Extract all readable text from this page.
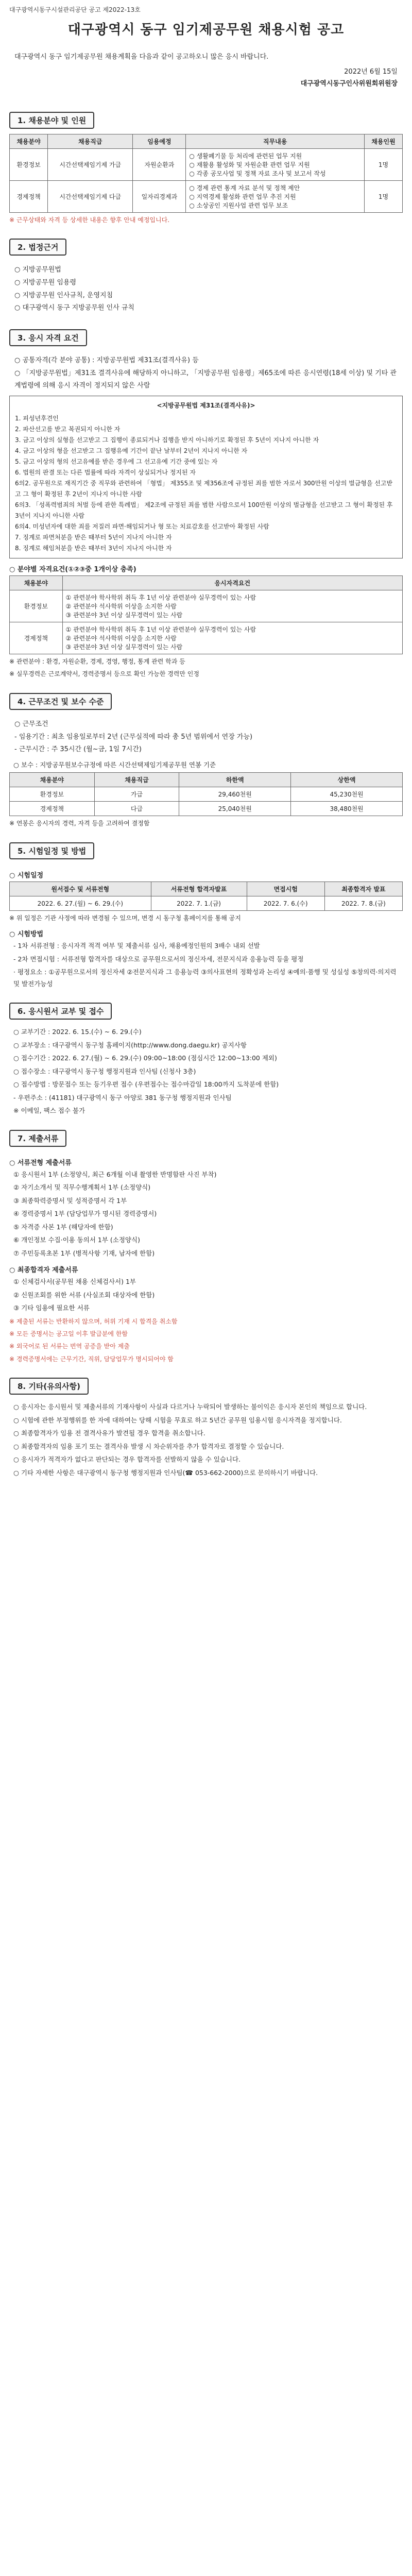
대구광역시동구시설관리공단 공고 제2022-13호
대구광역시 동구 임기제공무원 채용시험 공고
대구광역시 동구 임기제공무원 채용계획을 다음과 같이 공고하오니 많은 응시 바랍니다.
2022년 6월 15일
대구광역시동구인사위원회위원장
1. 채용분야 및 인원
채용분야	채용직급	임용예정	직무내용	채용인원
환경정보	시간선택제임기제 가급	자원순환과	○ 생활폐기물 등 처리에 관련된 업무 지원
○ 재활용 활성화 및 자원순환 관련 업무 지원
○ 각종 공모사업 및 정책 자료 조사 및 보고서 작성	1명
경제정책	시간선택제임기제 다급	일자리경제과	○ 경제 관련 통계 자료 분석 및 정책 제안
○ 지역경제 활성화 관련 업무 추진 지원
○ 소상공인 지원사업 관련 업무 보조	1명
※ 근무상태와 자격 등 상세한 내용은 향후 안내 예정입니다.
2. 법정근거
○ 지방공무원법
○ 지방공무원 임용령
○ 지방공무원 인사규칙, 운영지침
○ 대구광역시 동구 지방공무원 인사 규칙
3. 응시 자격 요건
○ 공통자격(각 분야 공통) : 지방공무원법 제31조(결격사유) 등
○ 「지방공무원법」제31조 결격사유에 해당하지 아니하고, 「지방공무원 임용령」제65조에 따른 응시연령(18세 이상) 및 기타 관계법령에 의해 응시 자격이 정지되지 않은 사람
<지방공무원법 제31조(결격사유)>
1. 피성년후견인
2. 파산선고를 받고 복권되지 아니한 자
3. 금고 이상의 실형을 선고받고 그 집행이 종료되거나 집행을 받지 아니하기로 확정된 후 5년이 지나지 아니한 자
4. 금고 이상의 형을 선고받고 그 집행유예 기간이 끝난 날부터 2년이 지나지 아니한 자
5. 금고 이상의 형의 선고유예를 받은 경우에 그 선고유예 기간 중에 있는 자
6. 법원의 판결 또는 다른 법률에 따라 자격이 상실되거나 정지된 자
6의2. 공무원으로 재직기간 중 직무와 관련하여 「형법」 제355조 및 제356조에 규정된 죄를 범한 자로서 300만원 이상의 벌금형을 선고받고 그 형이 확정된 후 2년이 지나지 아니한 사람
6의3. 「성폭력범죄의 처벌 등에 관한 특례법」 제2조에 규정된 죄를 범한 사람으로서 100만원 이상의 벌금형을 선고받고 그 형이 확정된 후 3년이 지나지 아니한 사람
6의4. 미성년자에 대한 죄를 저질러 파면·해임되거나 형 또는 치료감호를 선고받아 확정된 사람
7. 징계로 파면처분을 받은 때부터 5년이 지나지 아니한 자
8. 징계로 해임처분을 받은 때부터 3년이 지나지 아니한 자
○ 분야별 자격요건(①②③중 1개이상 충족)
채용분야	응시자격요건
환경정보	① 관련분야 학사학위 취득 후 1년 이상 관련분야 실무경력이 있는 사람
② 관련분야 석사학위 이상을 소지한 사람
③ 관련분야 3년 이상 실무경력이 있는 사람
경제정책	① 관련분야 학사학위 취득 후 1년 이상 관련분야 실무경력이 있는 사람
② 관련분야 석사학위 이상을 소지한 사람
③ 관련분야 3년 이상 실무경력이 있는 사람
※ 관련분야 : 환경, 자원순환, 경제, 경영, 행정, 통계 관련 학과 등
※ 실무경력은 근로계약서, 경력증명서 등으로 확인 가능한 경력만 인정
4. 근무조건 및 보수 수준
○ 근무조건
- 임용기간 : 최초 임용일로부터 2년 (근무실적에 따라 총 5년 범위에서 연장 가능)
- 근무시간 : 주 35시간 (월~금, 1일 7시간)
○ 보수 : 지방공무원보수규정에 따른 시간선택제임기제공무원 연봉 기준
채용분야	채용직급	하한액	상한액
환경정보	가급	29,460천원	45,230천원
경제정책	다급	25,040천원	38,480천원
※ 연봉은 응시자의 경력, 자격 등을 고려하여 결정함
5. 시험일정 및 방법
○ 시험일정
원서접수 및 서류전형	서류전형 합격자발표	면접시험	최종합격자 발표
2022. 6. 27.(월) ~ 6. 29.(수)	2022. 7. 1.(금)	2022. 7. 6.(수)	2022. 7. 8.(금)
※ 위 일정은 기관 사정에 따라 변경될 수 있으며, 변경 시 동구청 홈페이지를 통해 공지
○ 시험방법
- 1차 서류전형 : 응시자격 적격 여부 및 제출서류 심사, 채용예정인원의 3배수 내외 선발
- 2차 면접시험 : 서류전형 합격자를 대상으로 공무원으로서의 정신자세, 전문지식과 응용능력 등을 평정
· 평정요소 : ①공무원으로서의 정신자세 ②전문지식과 그 응용능력 ③의사표현의 정확성과 논리성 ④예의·품행 및 성실성 ⑤창의력·의지력 및 발전가능성
6. 응시원서 교부 및 접수
○ 교부기간 : 2022. 6. 15.(수) ~ 6. 29.(수)
○ 교부장소 : 대구광역시 동구청 홈페이지(http://www.dong.daegu.kr) 공지사항
○ 접수기간 : 2022. 6. 27.(월) ~ 6. 29.(수) 09:00~18:00 (점심시간 12:00~13:00 제외)
○ 접수장소 : 대구광역시 동구청 행정지원과 인사팀 (신청사 3층)
○ 접수방법 : 방문접수 또는 등기우편 접수 (우편접수는 접수마감일 18:00까지 도착분에 한함)
- 우편주소 : (41181) 대구광역시 동구 아양로 381 동구청 행정지원과 인사팀
※ 이메일, 팩스 접수 불가
7. 제출서류
○ 서류전형 제출서류
① 응시원서 1부 (소정양식, 최근 6개월 이내 촬영한 반명함판 사진 부착)
② 자기소개서 및 직무수행계획서 1부 (소정양식)
③ 최종학력증명서 및 성적증명서 각 1부
④ 경력증명서 1부 (담당업무가 명시된 경력증명서)
⑤ 자격증 사본 1부 (해당자에 한함)
⑥ 개인정보 수집·이용 동의서 1부 (소정양식)
⑦ 주민등록초본 1부 (병적사항 기재, 남자에 한함)
○ 최종합격자 제출서류
① 신체검사서(공무원 채용 신체검사서) 1부
② 신원조회를 위한 서류 (사실조회 대상자에 한함)
③ 기타 임용에 필요한 서류
※ 제출된 서류는 반환하지 않으며, 허위 기재 시 합격을 취소함
※ 모든 증명서는 공고일 이후 발급분에 한함
※ 외국어로 된 서류는 번역 공증을 받아 제출
※ 경력증명서에는 근무기간, 직위, 담당업무가 명시되어야 함
8. 기타(유의사항)
○ 응시자는 응시원서 및 제출서류의 기재사항이 사실과 다르거나 누락되어 발생하는 불이익은 응시자 본인의 책임으로 합니다.
○ 시험에 관한 부정행위를 한 자에 대하여는 당해 시험을 무효로 하고 5년간 공무원 임용시험 응시자격을 정지합니다.
○ 최종합격자가 임용 전 결격사유가 발견될 경우 합격을 취소합니다.
○ 최종합격자의 임용 포기 또는 결격사유 발생 시 차순위자를 추가 합격자로 결정할 수 있습니다.
○ 응시자가 적격자가 없다고 판단되는 경우 합격자를 선발하지 않을 수 있습니다.
○ 기타 자세한 사항은 대구광역시 동구청 행정지원과 인사팀(☎ 053-662-2000)으로 문의하시기 바랍니다.
